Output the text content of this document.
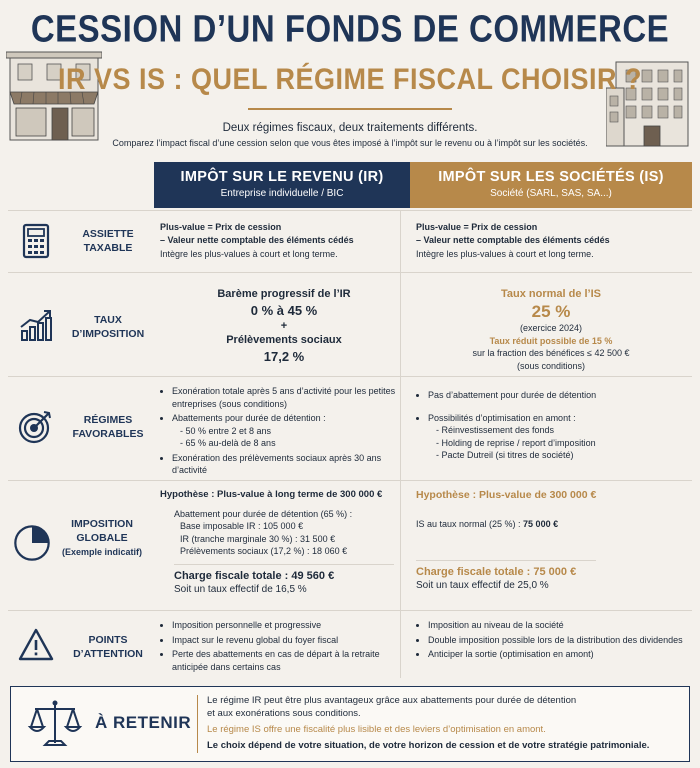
CESSION D’UN FONDS DE COMMERCE
IR VS IS : QUEL RÉGIME FISCAL CHOISIR ?
Deux régimes fiscaux, deux traitements différents.
Comparez l’impact fiscal d’une cession selon que vous êtes imposé à l’impôt sur le revenu ou à l’impôt sur les sociétés.
IMPÔT SUR LE REVENU (IR)
Entreprise individuelle / BIC
IMPÔT SUR LES SOCIÉTÉS (IS)
Société (SARL, SAS, SA...)
ASSIETTE TAXABLE
Plus-value = Prix de cession
– Valeur nette comptable des éléments cédés
Intègre les plus-values à court et long terme.
Plus-value = Prix de cession
– Valeur nette comptable des éléments cédés
Intègre les plus-values à court et long terme.
TAUX D’IMPOSITION
Barème progressif de l’IR
0 % à 45 %
+
Prélèvements sociaux
17,2 %
Taux normal de l’IS
25 %
(exercice 2024)
Taux réduit possible de 15 %
sur la fraction des bénéfices ≤ 42 500 €
(sous conditions)
RÉGIMES FAVORABLES
• Exonération totale après 5 ans d’activité pour les petites entreprises (sous conditions)
• Abattements pour durée de détention :
- 50 % entre 2 et 8 ans
- 65 % au-delà de 8 ans
• Exonération des prélèvements sociaux après 30 ans d’activité
• Pas d’abattement pour durée de détention
• Possibilités d’optimisation en amont :
- Réinvestissement des fonds
- Holding de reprise / report d’imposition
- Pacte Dutreil (si titres de société)
IMPOSITION GLOBALE
(Exemple indicatif)
Hypothèse : Plus-value à long terme de 300 000 €
Abattement pour durée de détention (65 %) :
Base imposable IR : 105 000 €
IR (tranche marginale 30 %) : 31 500 €
Prélèvements sociaux (17,2 %) : 18 060 €
Charge fiscale totale : 49 560 €
Soit un taux effectif de 16,5 %
Hypothèse : Plus-value de 300 000 €
IS au taux normal (25 %) : 75 000 €
Charge fiscale totale : 75 000 €
Soit un taux effectif de 25,0 %
POINTS D’ATTENTION
• Imposition personnelle et progressive
• Impact sur le revenu global du foyer fiscal
• Perte des abattements en cas de départ à la retraite anticipée dans certains cas
• Imposition au niveau de la société
• Double imposition possible lors de la distribution des dividendes
• Anticiper la sortie (optimisation en amont)
À RETENIR
Le régime IR peut être plus avantageux grâce aux abattements pour durée de détention
et aux exonérations sous conditions.
Le régime IS offre une fiscalité plus lisible et des leviers d’optimisation en amont.
Le choix dépend de votre situation, de votre horizon de cession et de votre stratégie patrimoniale.
